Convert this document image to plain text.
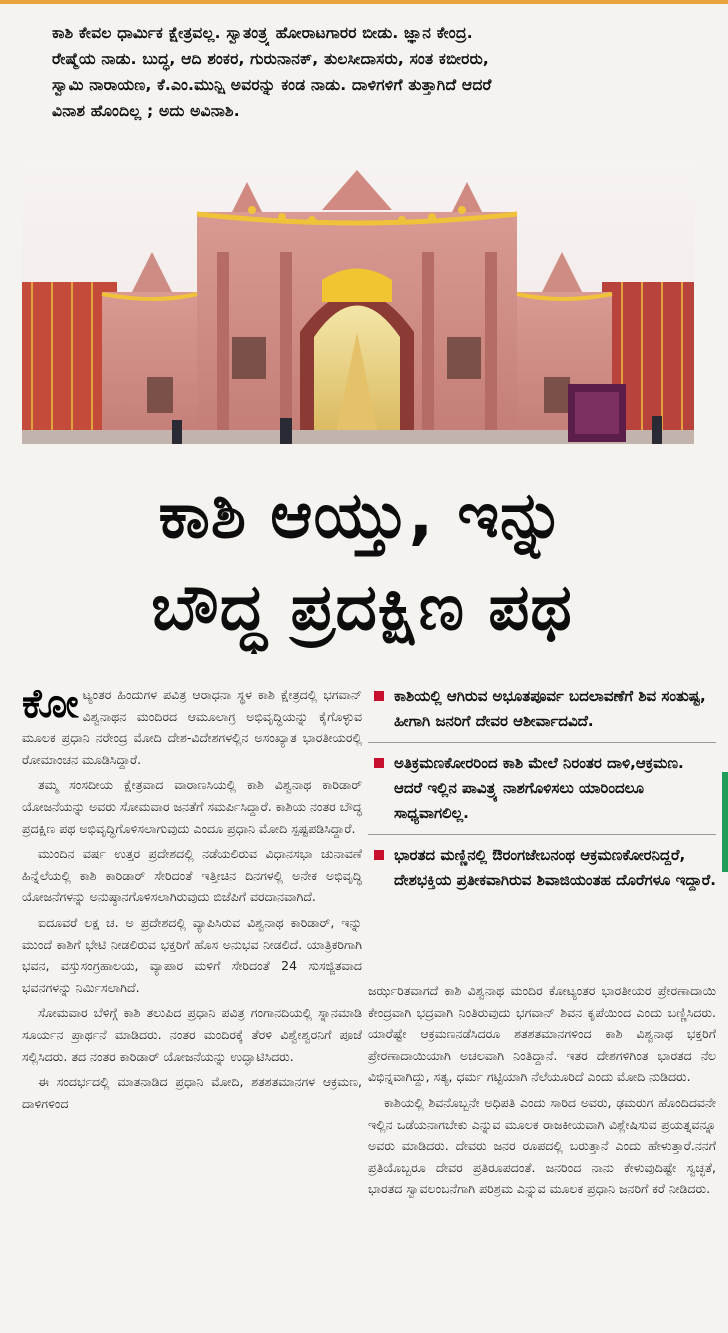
ಕಾಶಿ ಕೇವಲ ಧಾರ್ಮಿಕ ಕ್ಷೇತ್ರವಲ್ಲ. ಸ್ವಾತಂತ್ರ್ಯ ಹೋರಾಟಗಾರರ ಬೀಡು. ಜ್ಞಾನ ಕೇಂದ್ರ.
ರೇಷ್ಮೆಯ ನಾಡು. ಬುದ್ಧ, ಆದಿ ಶಂಕರ, ಗುರುನಾನಕ್, ತುಲಸೀದಾಸರು, ಸಂತ ಕಬೀರರು,
ಸ್ವಾಮಿ ನಾರಾಯಣ, ಕೆ.ಎಂ.ಮುನ್ಷಿ ಅವರನ್ನು ಕಂಡ ನಾಡು. ದಾಳಿಗಳಿಗೆ ತುತ್ತಾಗಿದೆ ಆದರೆ
ವಿನಾಶ ಹೊಂದಿಲ್ಲ ; ಅದು ಅವಿನಾಶಿ.
ಕಾಶಿ ಆಯ್ತು, ಇನ್ನು
ಬೌದ್ಧ ಪ್ರದಕ್ಷಿಣ ಪಥ

ಕೋಟ್ಯಂತರ ಹಿಂದುಗಳ ಪವಿತ್ರ ಆರಾಧನಾ ಸ್ಥಳ ಕಾಶಿ ಕ್ಷೇತ್ರದಲ್ಲಿ ಭಗವಾನ್ ವಿಶ್ವನಾಥನ ಮಂದಿರದ ಆಮೂಲಾಗ್ರ ಅಭಿವೃದ್ಧಿಯನ್ನು ಕೈಗೊಳ್ಳುವ ಮೂಲಕ ಪ್ರಧಾನಿ ನರೇಂದ್ರ ಮೋದಿ ದೇಶ-ವಿದೇಶಗಳಲ್ಲಿನ ಅಸಂಖ್ಯಾತ ಭಾರತೀಯರಲ್ಲಿ ರೋಮಾಂಚನ ಮೂಡಿಸಿದ್ದಾರೆ.

ತಮ್ಮ ಸಂಸದೀಯ ಕ್ಷೇತ್ರವಾದ ವಾರಾಣಸಿಯಲ್ಲಿ ಕಾಶಿ ವಿಶ್ವನಾಥ ಕಾರಿಡಾರ್ ಯೋಜನೆಯನ್ನು ಅವರು ಸೋಮವಾರ ಜನತೆಗೆ ಸಮರ್ಪಿಸಿದ್ದಾರೆ. ಕಾಶಿಯ ನಂತರ ಬೌದ್ಧ ಪ್ರದಕ್ಷಿಣ ಪಥ ಅಭಿವೃದ್ಧಿಗೊಳಿಸಲಾಗುವುದು ಎಂದೂ ಪ್ರಧಾನಿ ಮೋದಿ ಸ್ಪಷ್ಟಪಡಿಸಿದ್ದಾರೆ.

ಮುಂದಿನ ವರ್ಷ ಉತ್ತರ ಪ್ರದೇಶದಲ್ಲಿ ನಡೆಯಲಿರುವ ವಿಧಾನಸಭಾ ಚುನಾವಣೆ ಹಿನ್ನೆಲೆಯಲ್ಲಿ ಕಾಶಿ ಕಾರಿಡಾರ್ ಸೇರಿದಂತೆ ಇತ್ತೀಚಿನ ದಿನಗಳಲ್ಲಿ ಅನೇಕ ಅಭಿವೃದ್ಧಿ ಯೋಜನೆಗಳನ್ನು ಅನುಷ್ಠಾನಗೊಳಿಸಲಾಗಿರುವುದು ಬಿಜೆಪಿಗೆ ವರದಾನವಾಗಿದೆ.

ಐದೂವರೆ ಲಕ್ಷ ಚ. ಅ ಪ್ರದೇಶದಲ್ಲಿ ವ್ಯಾಪಿಸಿರುವ ವಿಶ್ವನಾಥ ಕಾರಿಡಾರ್, ಇನ್ನು ಮುಂದೆ ಕಾಶಿಗೆ ಭೇಟಿ ನೀಡಲಿರುವ ಭಕ್ತರಿಗೆ ಹೊಸ ಅನುಭವ ನೀಡಲಿದೆ. ಯಾತ್ರಿಕರಿಗಾಗಿ ಭವನ, ವಸ್ತುಸಂಗ್ರಹಾಲಯ, ವ್ಯಾಪಾರ ಮಳಿಗೆ ಸೇರಿದಂತೆ 24 ಸುಸಜ್ಜಿತವಾದ ಭವನಗಳನ್ನು ನಿರ್ಮಿಸಲಾಗಿದೆ.

ಸೋಮವಾರ ಬೆಳಿಗ್ಗೆ ಕಾಶಿ ತಲುಪಿದ ಪ್ರಧಾನಿ ಪವಿತ್ರ ಗಂಗಾನದಿಯಲ್ಲಿ ಸ್ನಾನಮಾಡಿ ಸೂರ್ಯನ ಪ್ರಾರ್ಥನೆ ಮಾಡಿದರು. ನಂತರ ಮಂದಿರಕ್ಕೆ ತೆರಳಿ ವಿಶ್ವೇಶ್ವರನಿಗೆ ಪೂಜೆ ಸಲ್ಲಿಸಿದರು. ತದ ನಂತರ ಕಾರಿಡಾರ್ ಯೋಜನೆಯನ್ನು ಉದ್ಘಾಟಿಸಿದರು.

ಈ ಸಂದರ್ಭದಲ್ಲಿ ಮಾತನಾಡಿದ ಪ್ರಧಾನಿ ಮೋದಿ, ಶತಶತಮಾನಗಳ ಆಕ್ರಮಣ, ದಾಳಿಗಳಿಂದ

ಕಾಶಿಯಲ್ಲಿ ಆಗಿರುವ ಅಭೂತಪೂರ್ವ ಬದಲಾವಣೆಗೆ ಶಿವ ಸಂತುಷ್ಟ, ಹೀಗಾಗಿ ಜನರಿಗೆ ದೇವರ ಆಶೀರ್ವಾದವಿದೆ.
ಅತಿಕ್ರಮಣಕೋರರಿಂದ ಕಾಶಿ ಮೇಲೆ ನಿರಂತರ ದಾಳಿ,ಆಕ್ರಮಣ. ಆದರೆ ಇಲ್ಲಿನ ಪಾವಿತ್ರ್ಯ ನಾಶಗೊಳಿಸಲು ಯಾರಿಂದಲೂ ಸಾಧ್ಯವಾಗಲಿಲ್ಲ.
ಭಾರತದ ಮಣ್ಣಿನಲ್ಲಿ ಔರಂಗಜೇಬನಂಥ ಆಕ್ರಮಣಕೋರನಿದ್ದರೆ, ದೇಶಭಕ್ತಿಯ ಪ್ರತೀಕವಾಗಿರುವ ಶಿವಾಜಿಯಂತಹ ದೊರೆಗಳೂ ಇದ್ದಾರೆ.

ಜರ್ಝರಿತವಾಗದೆ ಕಾಶಿ ವಿಶ್ವನಾಥ ಮಂದಿರ ಕೋಟ್ಯಂತರ ಭಾರತೀಯರ ಪ್ರೇರಣಾದಾಯಿ ಕೇಂದ್ರವಾಗಿ ಭದ್ರವಾಗಿ ನಿಂತಿರುವುದು ಭಗವಾನ್ ಶಿವನ ಕೃಪೆಯಿಂದ ಎಂದು ಬಣ್ಣಿಸಿದರು. ಯಾರೆಷ್ಟೇ ಆಕ್ರಮಣನಡೆಸಿದರೂ ಶತಶತಮಾನಗಳಿಂದ ಕಾಶಿ ವಿಶ್ವನಾಥ ಭಕ್ತರಿಗೆ ಪ್ರೇರಣಾದಾಯಿಯಾಗಿ ಅಚಲವಾಗಿ ನಿಂತಿದ್ದಾನೆ. ಇತರ ದೇಶಗಳಿಗಿಂತ ಭಾರತದ ನೆಲ ವಿಭಿನ್ನವಾಗಿದ್ದು, ಸತ್ಯ, ಧರ್ಮ ಗಟ್ಟಿಯಾಗಿ ನೆಲೆಯೂರಿದೆ ಎಂದು ಮೋದಿ ನುಡಿದರು.

ಕಾಶಿಯಲ್ಲಿ ಶಿವನೊಬ್ಬನೇ ಅಧಿಪತಿ ಎಂದು ಸಾರಿದ ಅವರು, ಢಮರುಗ ಹೊಂದಿದವನೇ ಇಲ್ಲಿನ ಒಡೆಯನಾಗಬೇಕು ಎನ್ನುವ ಮೂಲಕ ರಾಜಕೀಯವಾಗಿ ವಿಶ್ಲೇಷಿಸುವ ಪ್ರಯತ್ನವನ್ನೂ ಅವರು ಮಾಡಿದರು. ದೇವರು ಜನರ ರೂಪದಲ್ಲಿ ಬರುತ್ತಾನೆ ಎಂದು ಹೇಳುತ್ತಾರೆ.ನನಗೆ ಪ್ರತಿಯೊಬ್ಬರೂ ದೇವರ ಪ್ರತಿರೂಪದಂತೆ. ಜನರಿಂದ ನಾನು ಕೇಳುವುದಿಷ್ಟೇ ಸ್ವಚ್ಛತೆ, ಭಾರತದ ಸ್ವಾವಲಂಬನೆಗಾಗಿ ಪರಿಶ್ರಮ ಎನ್ನುವ ಮೂಲಕ ಪ್ರಧಾನಿ ಜನರಿಗೆ ಕರೆ ನೀಡಿದರು.
